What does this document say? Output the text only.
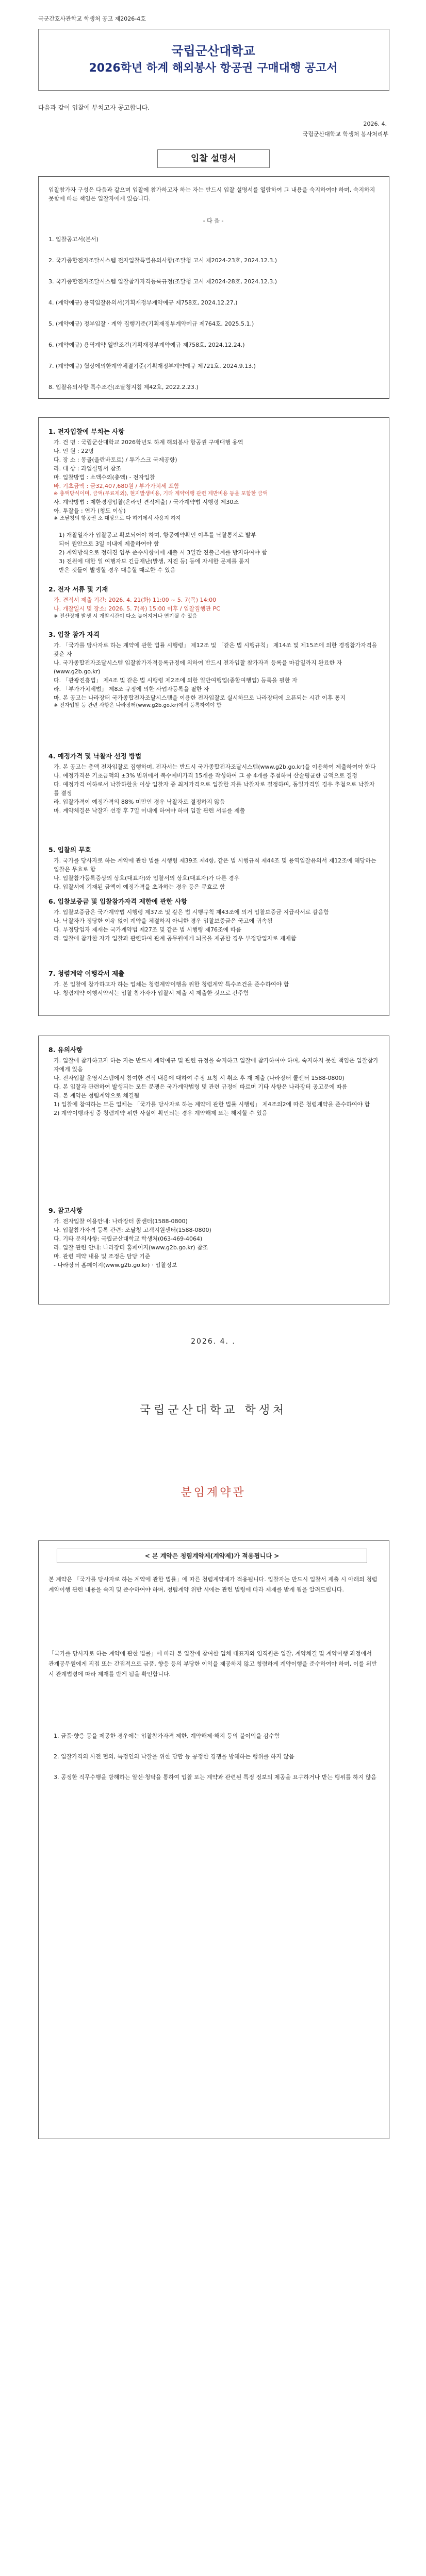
국군간호사관학교 학생처 공고 제2026-4호
국립군산대학교
2026학년 하계 해외봉사 항공권 구매대행 공고서
다음과 같이 입찰에 부치고자 공고합니다.
2026. 4.
국립군산대학교 학생처 봉사처리부
입찰 설명서
입찰참가자 구성은 다음과 같으며 입찰에 참가하고자 하는 자는 반드시 입찰 설명서를 열람하여 그 내용을 숙지하여야 하며, 숙지하지 못함에 따른 책임은 입찰자에게 있습니다.
- 다 음 -
1. 입찰공고서(본서)
2. 국가종합전자조달시스템 전자입찰특별유의사항(조달청 고시 제2024-23호, 2024.12.3.)
3. 국가종합전자조달시스템 입찰참가자격등록규정(조달청 고시 제2024-28호, 2024.12.3.)
4. (계약예규) 용역입찰유의서(기획재정부계약예규 제758호, 2024.12.27.)
5. (계약예규) 정부입찰 · 계약 집행기준(기획재정부계약예규 제764호, 2025.5.1.)
6. (계약예규) 용역계약 일반조건(기획재정부계약예규 제758호, 2024.12.24.)
7. (계약예규) 협상에의한계약체결기준(기획재정부계약예규 제721호, 2024.9.13.)
8. 입찰유의사항 특수조건(조달청지침 제42호, 2022.2.23.)
1. 전자입찰에 부치는 사항
가. 건 명 : 국립군산대학교 2026학년도 하계 해외봉사 항공권 구매대행 용역
나. 인 원 : 22명
다. 장 소 : 몽골(울란바토르) / 투가스크 국제공항)
라. 대 상 : 과업설명서 참조
마. 입찰방법 : 소액수의(총액) - 전자입찰
바. 기초금액 : 금32,407,680원 / 부가가치세 포함
※ 총액방식이며, 금액(무료제외), 현지발생비용, 기타 계약이행 관련 제반비용 등을 포함한 금액
사. 계약방법 : 제한경쟁입찰(온라인 견적제출) / 국가계약법 시행령 제30조
아. 투찰율 : 연가 (청도 이상)
※ 조달청의 항공권 소 대상으로 다 하기에서 사용지 하지
1) 개찰일자가 입찰공고 확보되어야 하며, 항공예약확인 이후를 낙찰통지로 발부
되어 원안으로 3일 이내에 제출하여야 함
2) 계약방식으로 정해진 임무 준수사항이에 제출 시 3일간 진출근계를 방지하여야 함
3) 전원에 대한 일 여행자보 긴급재난(발생, 지진 등) 등에 자세한 문제를 통지
받은 것들이 발생할 경우 대응할 때로한 수 있음
2. 전자 서류 및 기재
가. 견적서 제출 기간: 2026. 4. 21(화) 11:00 ~ 5. 7(목) 14:00
나. 개찰일시 및 장소: 2026. 5. 7(목) 15:00 이후 / 입찰집행관 PC
※ 전산장애 발생 시 개찰시간이 다소 늦어지거나 연기될 수 있음
3. 입찰 참가 자격
가. 「국가를 당사자로 하는 계약에 관한 법률 시행령」 제12조 및 「같은 법 시행규칙」 제14조 및 제15조에 의한 경쟁참가자격을 갖춘 자
나. 국가종합전자조달시스템 입찰참가자격등록규정에 의하여 반드시 전자입찰 참가자격 등록을 마감일까지 완료한 자 (www.g2b.go.kr)
다. 「관광진흥법」 제4조 및 같은 법 시행령 제2조에 의한 일반여행업(종합여행업) 등록을 필한 자
라. 「부가가치세법」 제8조 규정에 의한 사업자등록을 필한 자
마. 본 공고는 나라장터 국가종합전자조달시스템을 이용한 전자입찰로 실시하므로 나라장터에 오픈되는 시간 이후 통지
※ 전자입찰 등 관련 사항은 나라장터(www.g2b.go.kr)에서 등록하여야 함
4. 예정가격 및 낙찰자 선정 방법
가. 본 공고는 총액 전자입찰로 집행하며, 전자서는 반드시 국가종합전자조달시스템(www.g2b.go.kr)을 이용하여 제출하여야 한다
나. 예정가격은 기초금액의 ±3% 범위에서 복수예비가격 15개를 작성하여 그 중 4개를 추첨하여 산술평균한 금액으로 결정
다. 예정가격 이하로서 낙찰하한율 이상 입찰자 중 최저가격으로 입찰한 자를 낙찰자로 결정하며, 동일가격일 경우 추첨으로 낙찰자를 결정
라. 입찰가격이 예정가격의 88% 미만인 경우 낙찰자로 결정하지 않음
마. 계약체결은 낙찰자 선정 후 7일 이내에 하여야 하며 입찰 관련 서류를 제출
5. 입찰의 무효
가. 국가를 당사자로 하는 계약에 관한 법률 시행령 제39조 제4항, 같은 법 시행규칙 제44조 및 용역입찰유의서 제12조에 해당하는 입찰은 무효로 함
나. 입찰참가등록증상의 상호(대표자)와 입찰서의 상호(대표자)가 다른 경우
다. 입찰서에 기재된 금액이 예정가격을 초과하는 경우 등은 무효로 함
6. 입찰보증금 및 입찰참가자격 제한에 관한 사항
가. 입찰보증금은 국가계약법 시행령 제37조 및 같은 법 시행규칙 제43조에 의거 입찰보증금 지급각서로 갈음함
나. 낙찰자가 정당한 이유 없이 계약을 체결하지 아니한 경우 입찰보증금은 국고에 귀속됨
다. 부정당업자 제재는 국가계약법 제27조 및 같은 법 시행령 제76조에 따름
라. 입찰에 참가한 자가 입찰과 관련하여 관계 공무원에게 뇌물을 제공한 경우 부정당업자로 제재함
7. 청렴계약 이행각서 제출
가. 본 입찰에 참가하고자 하는 업체는 청렴계약이행을 위한 청렴계약 특수조건을 준수하여야 함
나. 청렴계약 이행서약서는 입찰 참가자가 입찰서 제출 시 제출한 것으로 간주함
8. 유의사항
가. 입찰에 참가하고자 하는 자는 반드시 계약예규 및 관련 규정을 숙지하고 입찰에 참가하여야 하며, 숙지하지 못한 책임은 입찰참가자에게 있음
나. 전자입찰 운영시스템에서 참여한 견적 내용에 대하여 수정 요청 시 취소 후 재 제출 (나라장터 콜센터 1588-0800)
다. 본 입찰과 관련하여 발생되는 모든 분쟁은 국가계약법령 및 관련 규정에 따르며 기타 사항은 나라장터 공고문에 따름
라. 본 계약은 청렴계약으로 체결됨
1) 입찰에 참여하는 모든 업체는 「국가를 당사자로 하는 계약에 관한 법률 시행령」 제4조의2에 따른 청렴계약을 준수하여야 함
2) 계약이행과정 중 청렴계약 위반 사실이 확인되는 경우 계약해제 또는 해지할 수 있음
9. 참고사항
가. 전자입찰 이용안내: 나라장터 콜센터(1588-0800)
나. 입찰참가자격 등록 관련: 조달청 고객지원센터(1588-0800)
다. 기타 문의사항: 국립군산대학교 학생처(063-469-4064)
라. 입찰 관련 안내: 나라장터 홈페이지(www.g2b.go.kr) 참조
마. 관련 예약 내용 및 조정은 담당 기준
- 나라장터 홈페이지(www.g2b.go.kr) · 입찰정보
2026. 4. .
국립군산대학교 학생처
분임계약관
< 본 계약은 청렴계약제(계약제)가 적용됩니다 >
본 계약은 「국가를 당사자로 하는 계약에 관한 법률」에 따른 청렴계약제가 적용됩니다. 입찰자는 반드시 입찰서 제출 시 아래의 청렴계약이행 관련 내용을 숙지 및 준수하여야 하며, 청렴계약 위반 시에는 관련 법령에 따라 제재를 받게 됨을 알려드립니다.
「국가를 당사자로 하는 계약에 관한 법률」에 따라 본 입찰에 참여한 업체 대표자와 임직원은 입찰, 계약체결 및 계약이행 과정에서 관계공무원에게 직접 또는 간접적으로 금품, 향응 등의 부당한 이익을 제공하지 않고 청렴하게 계약이행을 준수하여야 하며, 이를 위반 시 관계법령에 따라 제재를 받게 됨을 확인합니다.
1. 금품·향응 등을 제공한 경우에는 입찰참가자격 제한, 계약해제·해지 등의 불이익을 감수함
2. 입찰가격의 사전 협의, 특정인의 낙찰을 위한 담합 등 공정한 경쟁을 방해하는 행위를 하지 않음
3. 공정한 직무수행을 방해하는 알선·청탁을 통하여 입찰 또는 계약과 관련된 특정 정보의 제공을 요구하거나 받는 행위를 하지 않음
